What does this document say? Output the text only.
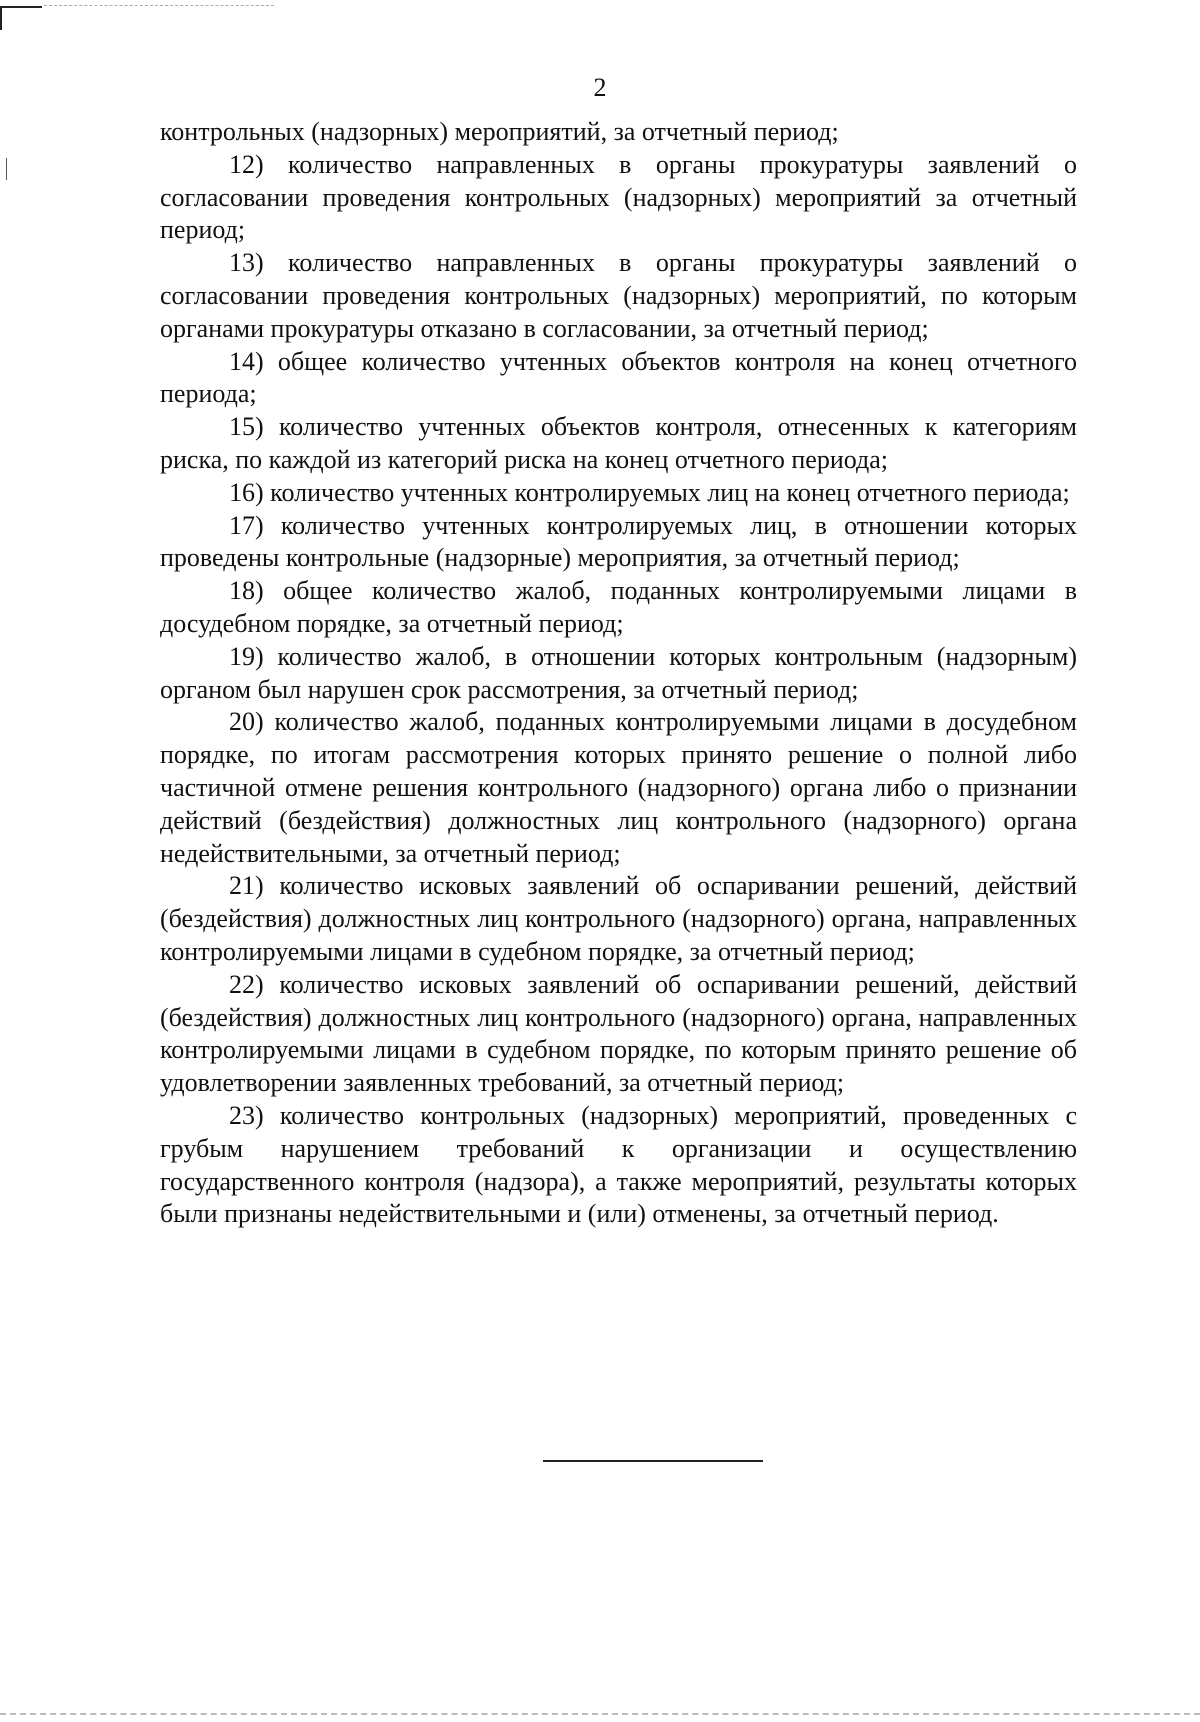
2

контрольных (надзорных) мероприятий, за отчетный период;

12) количество направленных в органы прокуратуры заявлений о согласовании проведения контрольных (надзорных) мероприятий за отчетный период;

13) количество направленных в органы прокуратуры заявлений о согласовании проведения контрольных (надзорных) мероприятий, по которым органами прокуратуры отказано в согласовании, за отчетный период;

14) общее количество учтенных объектов контроля на конец отчетного периода;

15) количество учтенных объектов контроля, отнесенных к категориям риска, по каждой из категорий риска на конец отчетного периода;

16) количество учтенных контролируемых лиц на конец отчетного периода;

17) количество учтенных контролируемых лиц, в отношении которых проведены контрольные (надзорные) мероприятия, за отчетный период;

18) общее количество жалоб, поданных контролируемыми лицами в досудебном порядке, за отчетный период;

19) количество жалоб, в отношении которых контрольным (надзорным) органом был нарушен срок рассмотрения, за отчетный период;

20) количество жалоб, поданных контролируемыми лицами в досудебном порядке, по итогам рассмотрения которых принято решение о полной либо частичной отмене решения контрольного (надзорного) органа либо о признании действий (бездействия) должностных лиц контрольного (надзорного) органа недействительными, за отчетный период;

21) количество исковых заявлений об оспаривании решений, действий (бездействия) должностных лиц контрольного (надзорного) органа, направленных контролируемыми лицами в судебном порядке, за отчетный период;

22) количество исковых заявлений об оспаривании решений, действий (бездействия) должностных лиц контрольного (надзорного) органа, направленных контролируемыми лицами в судебном порядке, по которым принято решение об удовлетворении заявленных требований, за отчетный период;

23) количество контрольных (надзорных) мероприятий, проведенных с грубым нарушением требований к организации и осуществлению государственного контроля (надзора), а также мероприятий, результаты которых были признаны недействительными и (или) отменены, за отчетный период.
